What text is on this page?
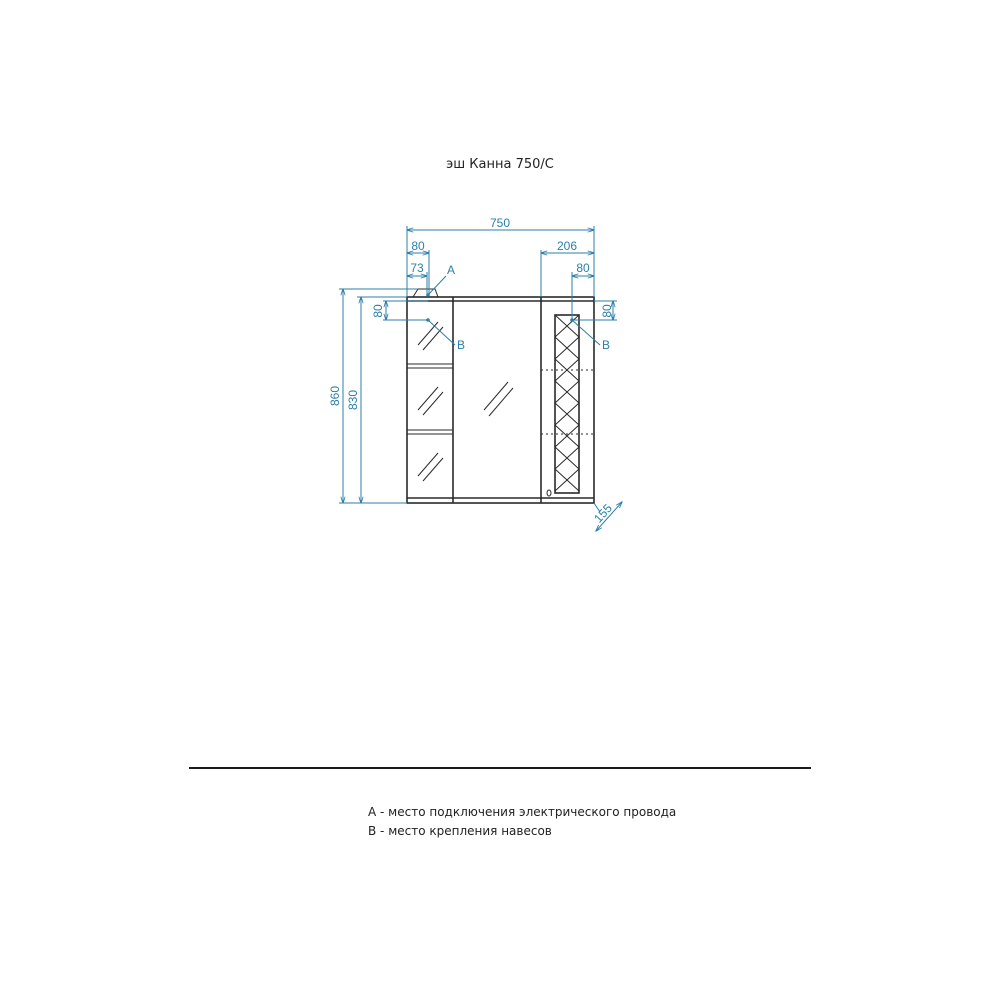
эш Канна 750/С
750
80
73 A
206
80
80	80
B	B
860 830
155
А - место подключения электрического провода
В - место крепления навесов
